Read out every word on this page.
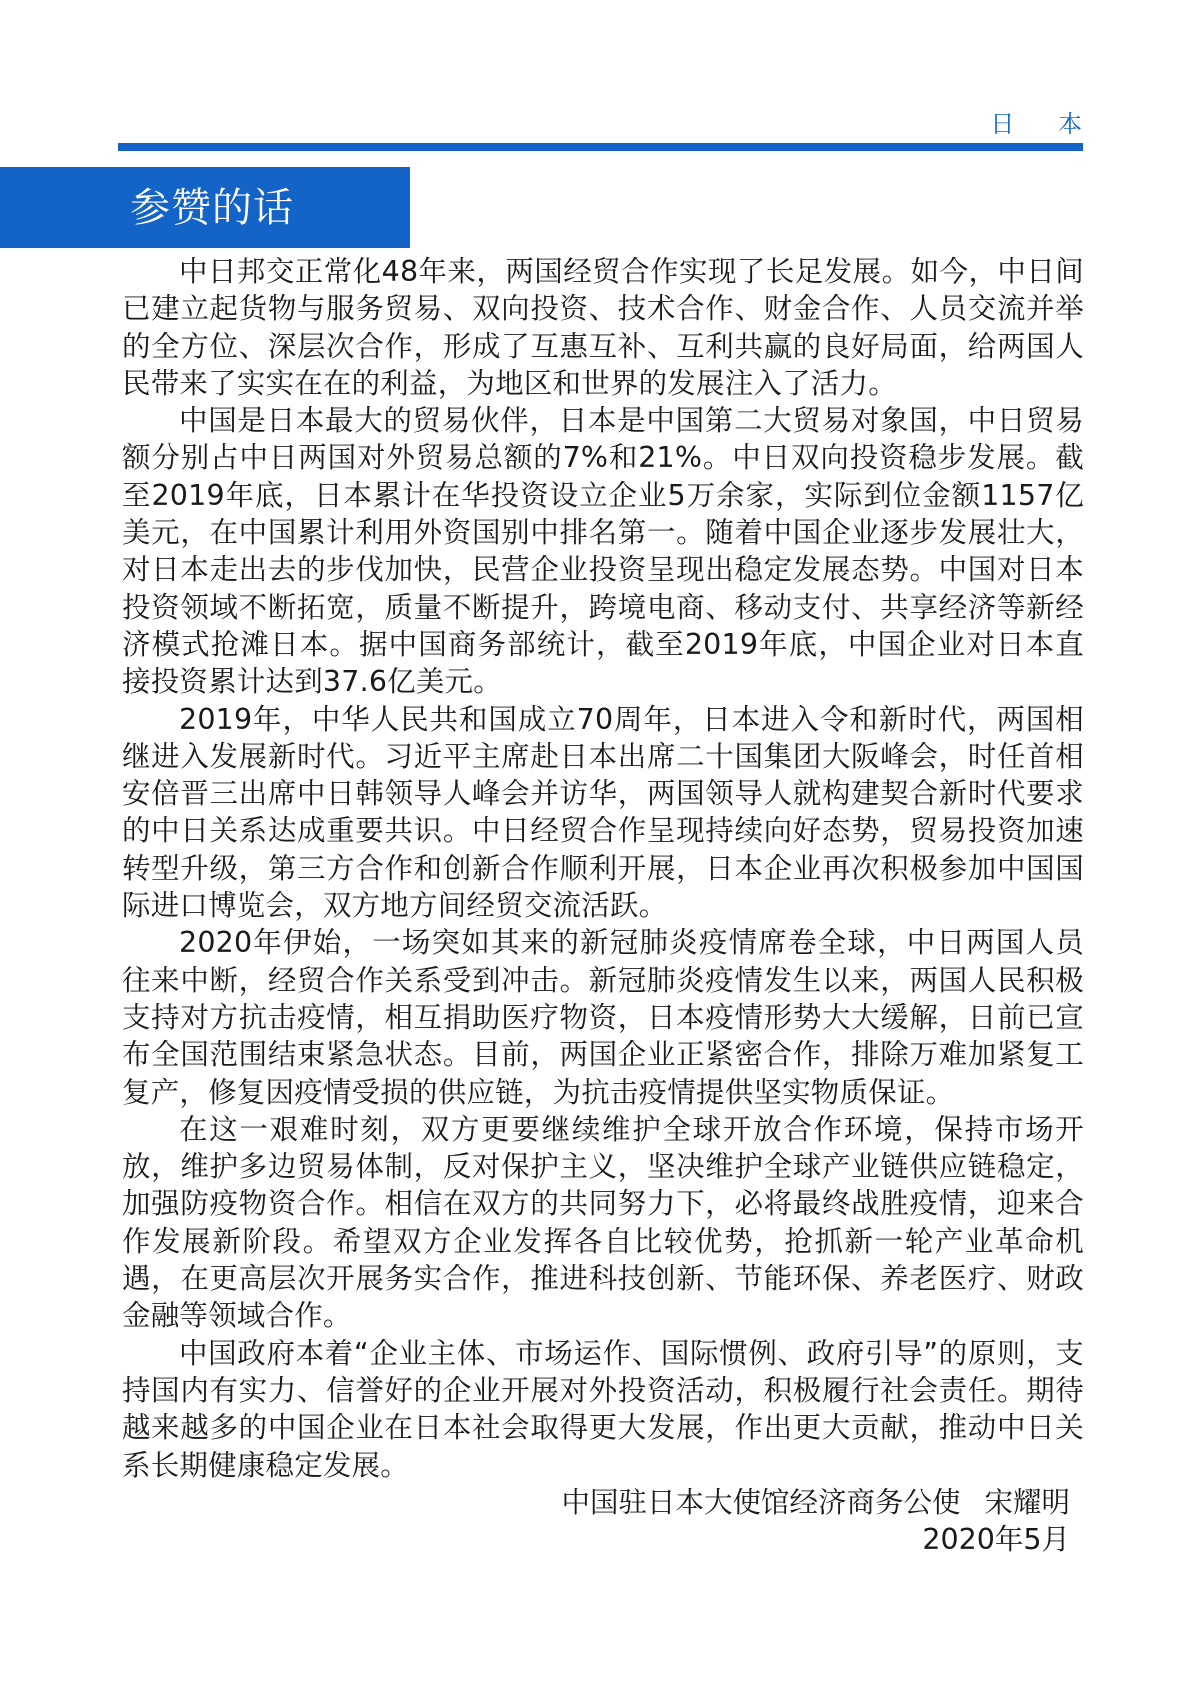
日 本
参赞的话

中日邦交正常化48年来，两国经贸合作实现了长足发展。如今，中日间已建立起货物与服务贸易、双向投资、技术合作、财金合作、人员交流并举的全方位、深层次合作，形成了互惠互补、互利共赢的良好局面，给两国人民带来了实实在在的利益，为地区和世界的发展注入了活力。

中国是日本最大的贸易伙伴，日本是中国第二大贸易对象国，中日贸易额分别占中日两国对外贸易总额的7%和21%。中日双向投资稳步发展。截至2019年底，日本累计在华投资设立企业5万余家，实际到位金额1157亿美元，在中国累计利用外资国别中排名第一。随着中国企业逐步发展壮大，对日本走出去的步伐加快，民营企业投资呈现出稳定发展态势。中国对日本投资领域不断拓宽，质量不断提升，跨境电商、移动支付、共享经济等新经济模式抢滩日本。据中国商务部统计，截至2019年底，中国企业对日本直接投资累计达到37.6亿美元。

2019年，中华人民共和国成立70周年，日本进入令和新时代，两国相继进入发展新时代。习近平主席赴日本出席二十国集团大阪峰会，时任首相安倍晋三出席中日韩领导人峰会并访华，两国领导人就构建契合新时代要求的中日关系达成重要共识。中日经贸合作呈现持续向好态势，贸易投资加速转型升级，第三方合作和创新合作顺利开展，日本企业再次积极参加中国国际进口博览会，双方地方间经贸交流活跃。

2020年伊始，一场突如其来的新冠肺炎疫情席卷全球，中日两国人员往来中断，经贸合作关系受到冲击。新冠肺炎疫情发生以来，两国人民积极支持对方抗击疫情，相互捐助医疗物资，日本疫情形势大大缓解，日前已宣布全国范围结束紧急状态。目前，两国企业正紧密合作，排除万难加紧复工复产，修复因疫情受损的供应链，为抗击疫情提供坚实物质保证。

在这一艰难时刻，双方更要继续维护全球开放合作环境，保持市场开放，维护多边贸易体制，反对保护主义，坚决维护全球产业链供应链稳定，加强防疫物资合作。相信在双方的共同努力下，必将最终战胜疫情，迎来合作发展新阶段。希望双方企业发挥各自比较优势，抢抓新一轮产业革命机遇，在更高层次开展务实合作，推进科技创新、节能环保、养老医疗、财政金融等领域合作。

中国政府本着“企业主体、市场运作、国际惯例、政府引导”的原则，支持国内有实力、信誉好的企业开展对外投资活动，积极履行社会责任。期待越来越多的中国企业在日本社会取得更大发展，作出更大贡献，推动中日关系长期健康稳定发展。

中国驻日本大使馆经济商务公使 宋耀明

2020年5月
